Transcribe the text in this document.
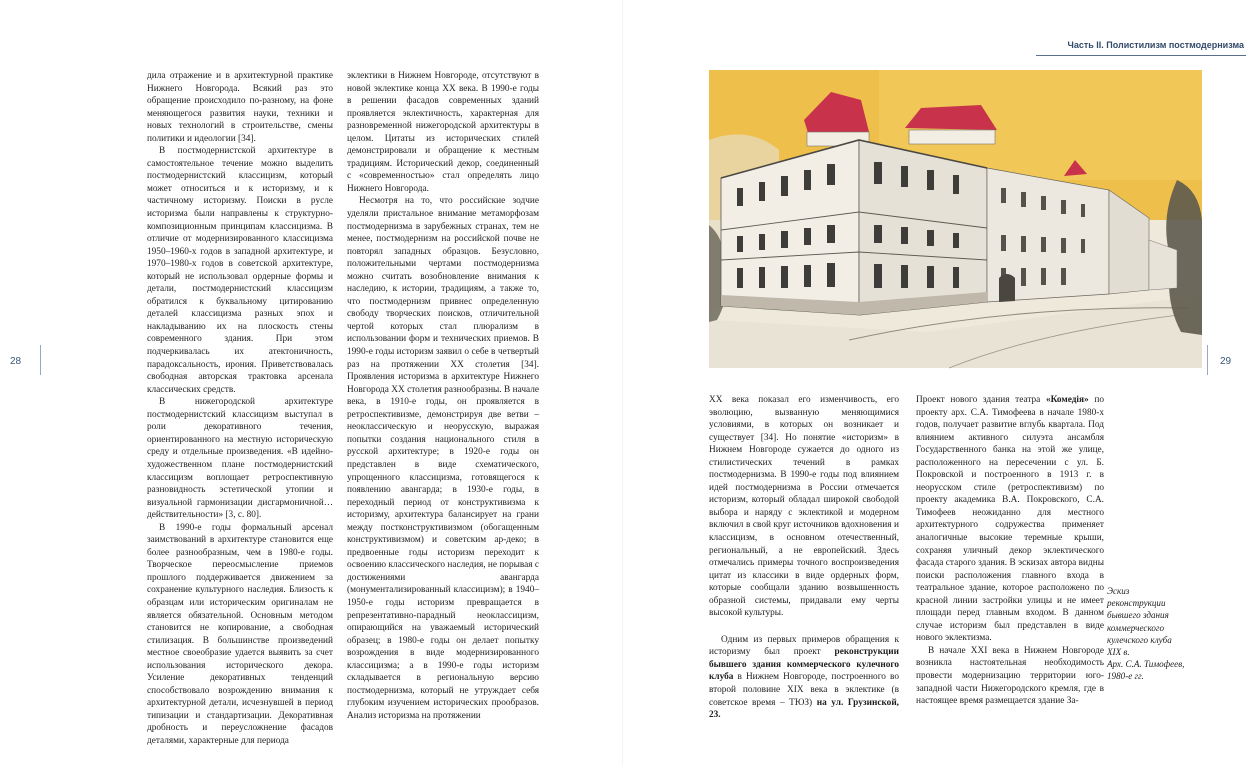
Часть II. Полистилизм постмодернизма
28	29

дила отражение и в архитектурной практике Нижнего Новгорода. Всякий раз это обращение происходило по-разному, на фоне меняющегося развития науки, техники и новых технологий в строительстве, смены политики и идеологии [34].

В постмодернистской архитектуре в самостоятельное течение можно выделить постмодернистский классицизм, который может относиться и к историзму, и к частичному историзму. Поиски в русле историзма были направлены к структурно-композиционным принципам классицизма. В отличие от модернизированного классицизма 1950–1960-х годов в западной архитектуре, и 1970–1980-х годов в советской архитектуре, который не использовал ордерные формы и детали, постмодернистский классицизм обратился к буквальному цитированию деталей классицизма разных эпох и накладыванию их на плоскость стены современного здания. При этом подчеркивалась их атектоничность, парадоксальность, ирония. Приветствовалась свободная авторская трактовка арсенала классических средств.

В нижегородской архитектуре постмодернистский классицизм выступал в роли декоративного течения, ориентированного на местную историческую среду и отдельные произведения. «В идейно-художественном плане постмодернистский классицизм воплощает ретроспективную разновидность эстетической утопии и визуальной гармонизации дисгармоничной… действительности» [3, с. 80].

В 1990-е годы формальный арсенал заимствований в архитектуре становится еще более разнообразным, чем в 1980-е годы. Творческое переосмысление приемов прошлого поддерживается движением за сохранение культурного наследия. Близость к образцам или историческим оригиналам не является обязательной. Основным методом становится не копирование, а свободная стилизация. В большинстве произведений местное своеобразие удается выявить за счет использования исторического декора. Усиление декоративных тенденций способствовало возрождению внимания к архитектурной детали, исчезнувшей в период типизации и стандартизации. Декоративная дробность и переусложнение фасадов деталями, характерные для периода

эклектики в Нижнем Новгороде, отсутствуют в новой эклектике конца XX века. В 1990-е годы в решении фасадов современных зданий проявляется эклектичность, характерная для разновременной нижегородской архитектуры в целом. Цитаты из исторических стилей демонстрировали и обращение к местным традициям. Исторический декор, соединенный с «современностью» стал определять лицо Нижнего Новгорода.

Несмотря на то, что российские зодчие уделяли пристальное внимание метаморфозам постмодернизма в зарубежных странах, тем не менее, постмодернизм на российской почве не повторял западных образцов. Безусловно, положительными чертами постмодернизма можно считать возобновление внимания к наследию, к истории, традициям, а также то, что постмодернизм привнес определенную свободу творческих поисков, отличительной чертой которых стал плюрализм в использовании форм и технических приемов. В 1990-е годы историзм заявил о себе в четвертый раз на протяжении XX столетия [34]. Проявления историзма в архитектуре Нижнего Новгорода XX столетия разнообразны. В начале века, в 1910-е годы, он проявляется в ретроспективизме, демонстрируя две ветви – неоклассическую и неорусскую, выражая попытки создания национального стиля в русской архитектуре; в 1920-е годы он представлен в виде схематического, упрощенного классицизма, готовящегося к появлению авангарда; в 1930-е годы, в переходный период от конструктивизма к историзму, архитектура балансирует на грани между постконструктивизмом (обогащенным конструктивизмом) и советским ар-деко; в предвоенные годы историзм переходит к освоению классического наследия, не порывая с достижениями авангарда (монументализированный классицизм); в 1940–1950-е годы историзм превращается в репрезентативно-парадный неоклассицизм, опирающийся на уважаемый исторический образец; в 1980-е годы он делает попытку возрождения в виде модернизированного классицизма; а в 1990-е годы историзм складывается в региональную версию постмодернизма, который не утруждает себя глубоким изучением исторических прообразов. Анализ историзма на протяжении

XX века показал его изменчивость, его эволюцию, вызванную меняющимися условиями, в которых он возникает и существует [34]. Но понятие «историзм» в Нижнем Новгороде сужается до одного из стилистических течений в рамках постмодернизма. В 1990-е годы под влиянием идей постмодернизма в России отмечается историзм, который обладал широкой свободой выбора и наряду с эклектикой и модерном включил в свой круг источников вдохновения и классицизм, в основном отечественный, региональный, а не европейский. Здесь отмечались примеры точного воспроизведения цитат из классики в виде ордерных форм, которые сообщали зданию возвышенность образной системы, придавали ему черты высокой культуры.

Одним из первых примеров обращения к историзму был проект реконструкции бывшего здания коммерческого кулечного клуба в Нижнем Новгороде, построенного во второй половине XIX века в эклектике (в советское время – ТЮЗ) на ул. Грузинской, 23.

Проект нового здания театра «Комедiя» по проекту арх. С.А. Тимофеева в начале 1980-х годов, получает развитие вглубь квартала. Под влиянием активного силуэта ансамбля Государственного банка на этой же улице, расположенного на пересечении с ул. Б. Покровской и построенного в 1913 г. в неорусском стиле (ретроспективизм) по проекту академика В.А. Покровского, С.А. Тимофеев неожиданно для местного архитектурного содружества применяет аналогичные высокие теремные крыши, сохраняя уличный декор эклектического фасада старого здания. В эскизах автора видны поиски расположения главного входа в театральное здание, которое расположено по красной линии застройки улицы и не имеет площади перед главным входом. В данном случае историзм был представлен в виде нового эклектизма.

В начале XXI века в Нижнем Новгороде возникла настоятельная необходимость провести модернизацию территории юго-западной части Нижегородского кремля, где в настоящее время размещается здание За-

Эскиз
реконструкции
бывшего здания
коммерческого
кулечского клуба
XIX в.
Арх. С.А. Тимофеев,
1980-е гг.
